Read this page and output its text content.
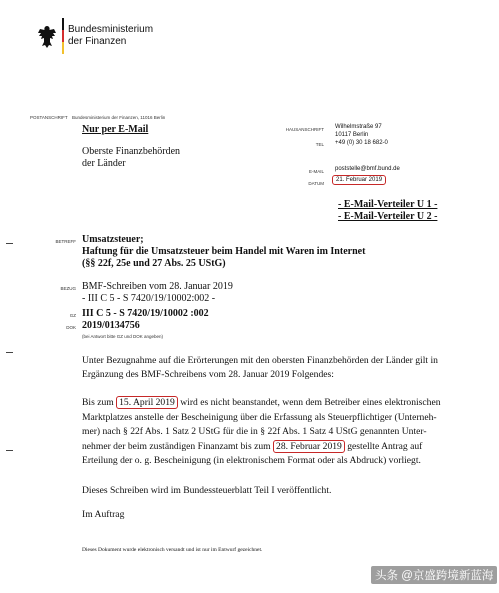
Bundesministerium
der Finanzen
POSTANSCHRIFT Bundesministerium der Finanzen, 11016 Berlin
Nur per E-Mail
Oberste Finanzbehörden
der Länder
HAUSANSCHRIFT Wilhelmstraße 97
10117 Berlin
TEL +49 (0) 30 18 682-0
E-MAIL poststelle@bmf.bund.de
DATUM
21. Februar 2019
- E-Mail-Verteiler U 1 -
- E-Mail-Verteiler U 2 -
BETREFF Umsatzsteuer;
Haftung für die Umsatzsteuer beim Handel mit Waren im Internet
(§§ 22f, 25e und 27 Abs. 25 UStG)
BEZUG BMF-Schreiben vom 28. Januar 2019
- III C 5 - S 7420/19/10002:002 -
GZ III C 5 - S 7420/19/10002 :002
DOK 2019/0134756
(bei Antwort bitte GZ und DOK angeben)
Unter Bezugnahme auf die Erörterungen mit den obersten Finanzbehörden der Länder gilt in
Ergänzung des BMF-Schreibens vom 28. Januar 2019 Folgendes:
Bis zum 15. April 2019 wird es nicht beanstandet, wenn dem Betreiber eines elektronischen
Marktplatzes anstelle der Bescheinigung über die Erfassung als Steuerpflichtiger (Unterneh-
mer) nach § 22f Abs. 1 Satz 2 UStG für die in § 22f Abs. 1 Satz 4 UStG genannten Unter-
nehmer der beim zuständigen Finanzamt bis zum 28. Februar 2019 gestellte Antrag auf
Erteilung der o. g. Bescheinigung (in elektronischem Format oder als Abdruck) vorliegt.
Dieses Schreiben wird im Bundessteuerblatt Teil I veröffentlicht.
Im Auftrag
Dieses Dokument wurde elektronisch versandt und ist nur im Entwurf gezeichnet.
头条 @京盛跨境新蓝海
